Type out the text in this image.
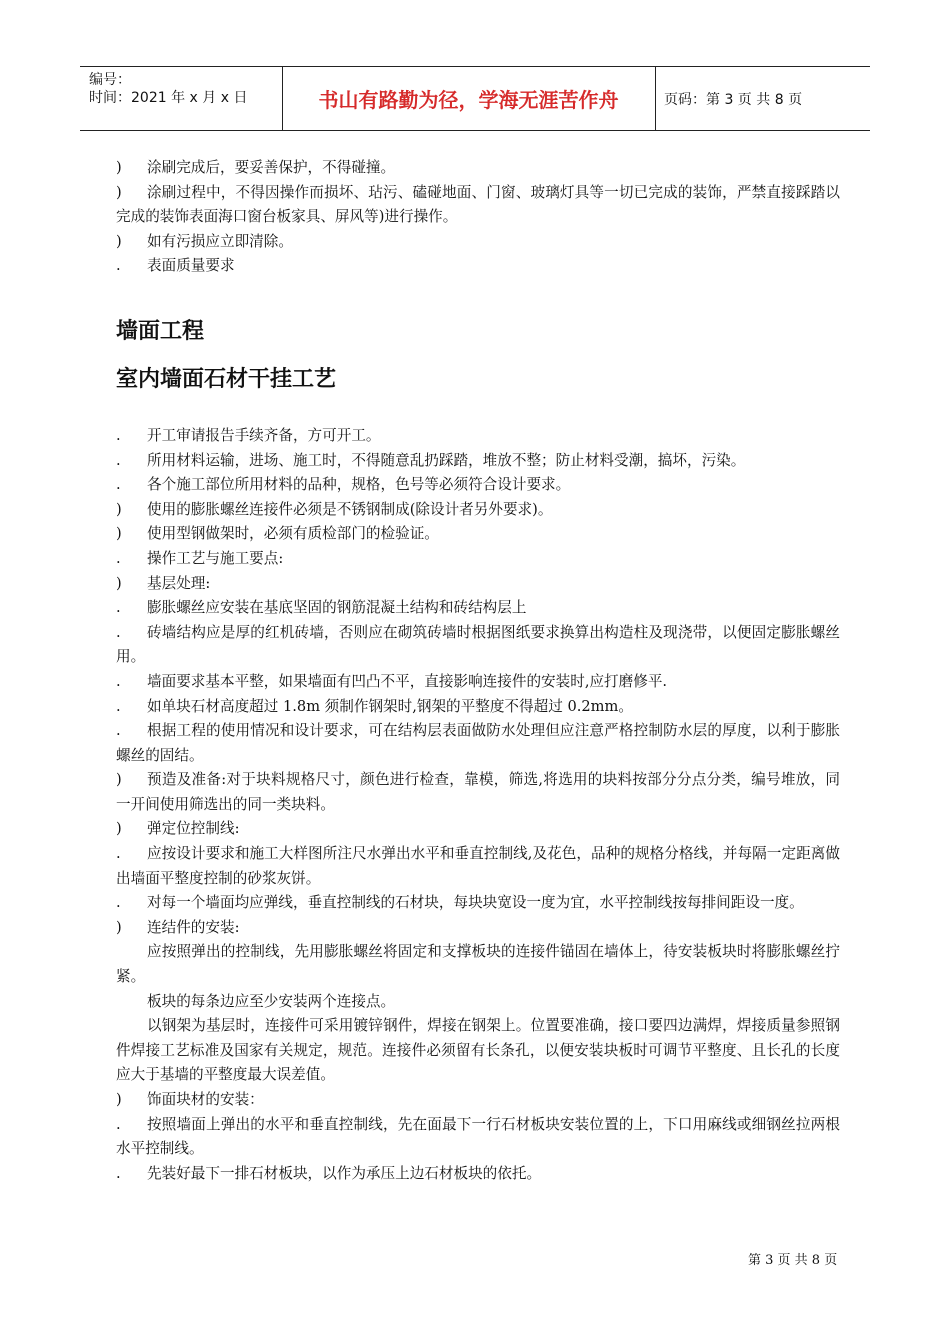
编号：
时间：2021 年 x 月 x 日	书山有路勤为径，学海无涯苦作舟	页码：第 3 页 共 8 页
)	涂刷完成后，要妥善保护，不得碰撞。
)	涂刷过程中，不得因操作而损坏、玷污、磕碰地面、门窗、玻璃灯具等一切已完成的装饰，严禁直接踩踏以完成的装饰表面海口窗台板家具、屏风等)进行操作。
)	如有污损应立即清除。
.	表面质量要求
墙面工程
室内墙面石材干挂工艺
.	开工审请报告手续齐备，方可开工。
.	所用材料运输，进场、施工时，不得随意乱扔踩踏，堆放不整；防止材料受潮，搞坏，污染。
.	各个施工部位所用材料的品种，规格，色号等必须符合设计要求。
)	使用的膨胀螺丝连接件必须是不锈钢制成(除设计者另外要求)。
)	使用型钢做架时，必须有质检部门的检验证。
.	操作工艺与施工要点:
)	基层处理:
.	膨胀螺丝应安装在基底坚固的钢筋混凝土结构和砖结构层上
.	砖墙结构应是厚的红机砖墙，否则应在砌筑砖墙时根据图纸要求换算出构造柱及现浇带，以便固定膨胀螺丝用。
.	墙面要求基本平整，如果墙面有凹凸不平，直接影响连接件的安装时,应打磨修平.
.	如单块石材高度超过 1.8m 须制作钢架时,钢架的平整度不得超过 0.2mm。
.	根据工程的使用情况和设计要求，可在结构层表面做防水处理但应注意严格控制防水层的厚度，以利于膨胀螺丝的固结。
)	预造及准备:对于块料规格尺寸，颜色进行检查，靠模，筛选,将选用的块料按部分分点分类，编号堆放，同一开间使用筛选出的同一类块料。
)	弹定位控制线:
.	应按设计要求和施工大样图所注尺水弹出水平和垂直控制线,及花色，品种的规格分格线，并每隔一定距离做出墙面平整度控制的砂浆灰饼。
.	对每一个墙面均应弹线，垂直控制线的石材块，每块块宽设一度为宜，水平控制线按每排间距设一度。
)	连结件的安装:
应按照弹出的控制线，先用膨胀螺丝将固定和支撑板块的连接件锚固在墙体上，待安装板块时将膨胀螺丝拧紧。
板块的每条边应至少安装两个连接点。
以钢架为基层时，连接件可采用镀锌钢件，焊接在钢架上。位置要准确，接口要四边满焊，焊接质量参照钢件焊接工艺标准及国家有关规定，规范。连接件必须留有长条孔，以便安装块板时可调节平整度、且长孔的长度应大于基墙的平整度最大误差值。
)	饰面块材的安装：
.	按照墙面上弹出的水平和垂直控制线，先在面最下一行石材板块安装位置的上，下口用麻线或细钢丝拉两根水平控制线。
.	先装好最下一排石材板块，以作为承压上边石材板块的依托。
第 3 页 共 8 页
